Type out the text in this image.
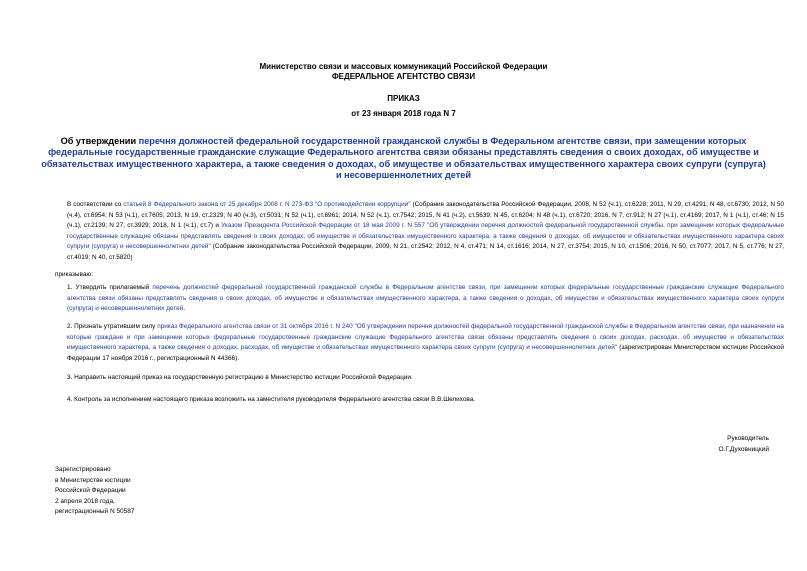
Министерство связи и массовых коммуникаций Российской Федерации
ФЕДЕРАЛЬНОЕ АГЕНТСТВО СВЯЗИ
ПРИКАЗ
от 23 января 2018 года N 7
Об утверждении перечня должностей федеральной государственной гражданской службы в Федеральном агентстве связи, при замещении которых федеральные государственные гражданские служащие Федерального агентства связи обязаны представлять сведения о своих доходах, об имуществе и обязательствах имущественного характера, а также сведения о доходах, об имуществе и обязательствах имущественного характера своих супруги (супруга) и несовершеннолетних детей
В соответствии со статьей 8 Федерального закона от 25 декабря 2008 г. N 273-ФЗ "О противодействии коррупции" (Собрание законодательства Российской Федерации, 2008, N 52 (ч.1), ст.6228; 2011, N 29, ст.4291; N 48, ст.6730; 2012, N 50 (ч.4), ст.6954; N 53 (ч.1), ст.7605; 2013, N 19, ст.2329; N 40 (ч.3), ст.5031; N 52 (ч.1), ст.6961; 2014, N 52 (ч.1), ст.7542; 2015, N 41 (ч.2), ст.5639; N 45, ст.6204; N 48 (ч.1), ст.6720; 2016, N 7, ст.912; N 27 (ч.1), ст.4169; 2017, N 1 (ч.1), ст.46; N 15 (ч.1), ст.2139; N 27, ст.3929; 2018, N 1 (ч.1), ст.7) и Указом Президента Российской Федерации от 18 мая 2009 г. N 557 "Об утверждении перечня должностей федеральной государственной службы, при замещении которых федеральные государственные служащие обязаны представлять сведения о своих доходах, об имуществе и обязательствах имущественного характера, а также сведения о доходах, об имуществе и обязательствах имущественного характера своих супруги (супруга) и несовершеннолетних детей" (Собрание законодательства Российской Федерации, 2009, N 21, ст.2542; 2012, N 4, ст.471; N 14, ст.1616; 2014, N 27, ст.3754; 2015, N 10, ст.1506; 2016, N 50, ст.7077; 2017, N 5, ст.776; N 27, ст.4019; N 40, ст.5820)
приказываю:
1. Утвердить прилагаемый перечень должностей федеральной государственной гражданской службы в Федеральном агентстве связи, при замещении которых федеральные государственные гражданские служащие Федерального агентства связи обязаны представлять сведения о своих доходах, об имуществе и обязательствах имущественного характера, а также сведения о доходах, об имуществе и обязательствах имущественного характера своих супруги (супруга) и несовершеннолетних детей.
2. Признать утратившим силу приказ Федерального агентства связи от 31 октября 2016 г. N 240 "Об утверждении перечня должностей федеральной государственной гражданской службы в Федеральном агентстве связи, при назначении на которые граждане и при замещении которых федеральные государственные гражданские служащие Федерального агентства связи обязаны представлять сведения о своих доходах, расходах, об имуществе и обязательствах имущественного характера, а также сведения о доходах, расходах, об имуществе и обязательствах имущественного характера своих супруги (супруга) и несовершеннолетних детей" (зарегистрирован Министерством юстиции Российской Федерации 17 ноября 2016 г., регистрационный N 44366).
3. Направить настоящий приказ на государственную регистрацию в Министерство юстиции Российской Федерации.
4. Контроль за исполнением настоящего приказа возложить на заместителя руководителя Федерального агентства связи В.В.Шелихова.
Руководитель
О.Г.Духовницкий
Зарегистрировано
в Министерстве юстиции
Российской Федерации
2 апреля 2018 года,
регистрационный N 50587
